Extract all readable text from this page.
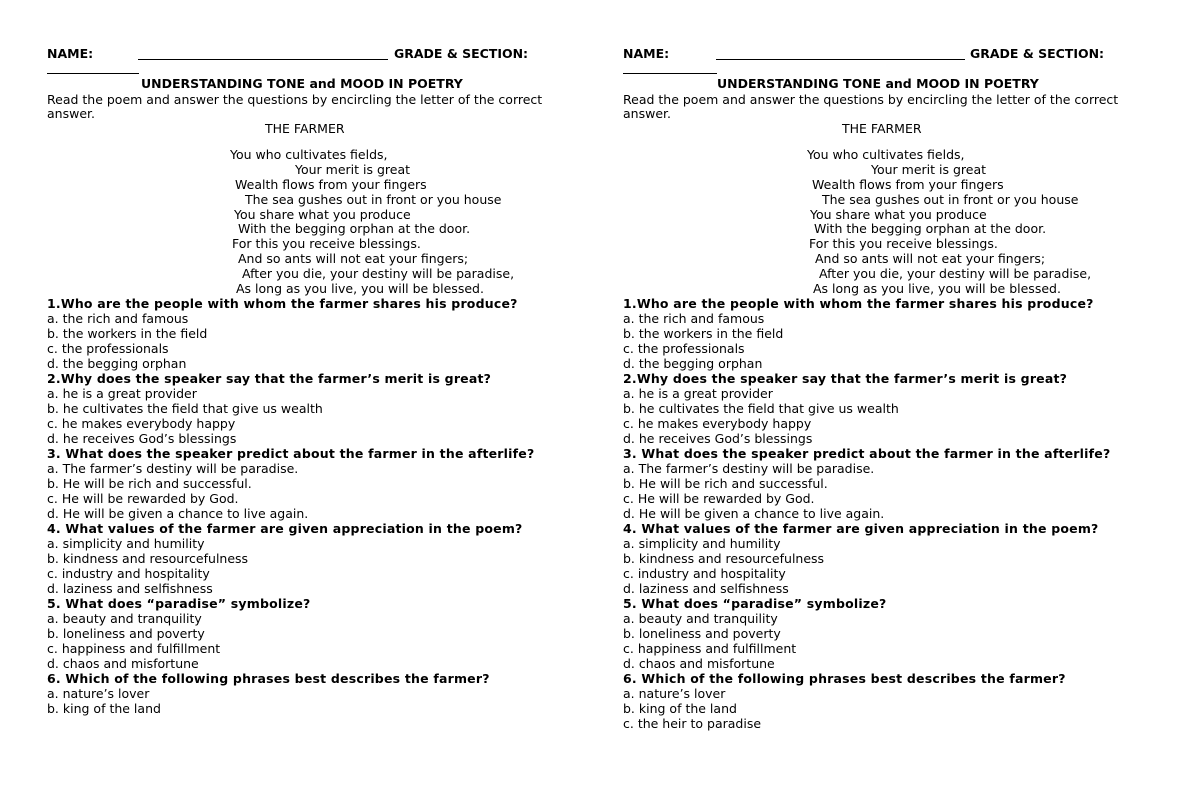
NAME:	GRADE & SECTION:
UNDERSTANDING TONE and MOOD IN POETRY
Read the poem and answer the questions by encircling the letter of the correct
answer.
THE FARMER
You who cultivates fields,
Your merit is great
Wealth flows from your fingers
The sea gushes out in front or you house
You share what you produce
With the begging orphan at the door.
For this you receive blessings.
And so ants will not eat your fingers;
After you die, your destiny will be paradise,
As long as you live, you will be blessed.
1.Who are the people with whom the farmer shares his produce?
a. the rich and famous
b. the workers in the field
c. the professionals
d. the begging orphan
2.Why does the speaker say that the farmer’s merit is great?
a. he is a great provider
b. he cultivates the field that give us wealth
c. he makes everybody happy
d. he receives God’s blessings
3. What does the speaker predict about the farmer in the afterlife?
a. The farmer’s destiny will be paradise.
b. He will be rich and successful.
c. He will be rewarded by God.
d. He will be given a chance to live again.
4. What values of the farmer are given appreciation in the poem?
a. simplicity and humility
b. kindness and resourcefulness
c. industry and hospitality
d. laziness and selfishness
5. What does “paradise” symbolize?
a. beauty and tranquility
b. loneliness and poverty
c. happiness and fulfillment
d. chaos and misfortune
6. Which of the following phrases best describes the farmer?
a. nature’s lover
b. king of the land
NAME:	GRADE & SECTION:
UNDERSTANDING TONE and MOOD IN POETRY
Read the poem and answer the questions by encircling the letter of the correct
answer.
THE FARMER
You who cultivates fields,
Your merit is great
Wealth flows from your fingers
The sea gushes out in front or you house
You share what you produce
With the begging orphan at the door.
For this you receive blessings.
And so ants will not eat your fingers;
After you die, your destiny will be paradise,
As long as you live, you will be blessed.
1.Who are the people with whom the farmer shares his produce?
a. the rich and famous
b. the workers in the field
c. the professionals
d. the begging orphan
2.Why does the speaker say that the farmer’s merit is great?
a. he is a great provider
b. he cultivates the field that give us wealth
c. he makes everybody happy
d. he receives God’s blessings
3. What does the speaker predict about the farmer in the afterlife?
a. The farmer’s destiny will be paradise.
b. He will be rich and successful.
c. He will be rewarded by God.
d. He will be given a chance to live again.
4. What values of the farmer are given appreciation in the poem?
a. simplicity and humility
b. kindness and resourcefulness
c. industry and hospitality
d. laziness and selfishness
5. What does “paradise” symbolize?
a. beauty and tranquility
b. loneliness and poverty
c. happiness and fulfillment
d. chaos and misfortune
6. Which of the following phrases best describes the farmer?
a. nature’s lover
b. king of the land
c. the heir to paradise
